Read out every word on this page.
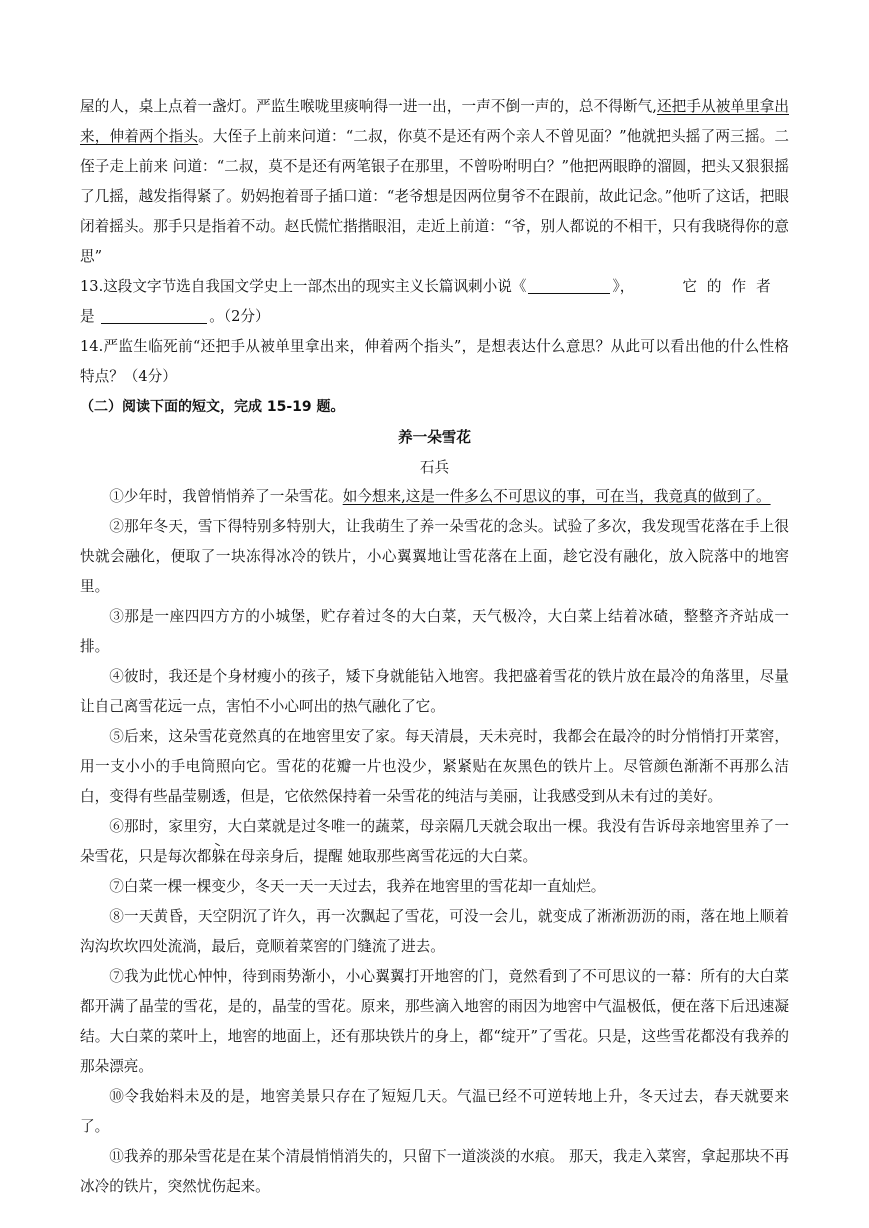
屋的人，桌上点着一盏灯。严监生喉咙里痰响得一进一出，一声不倒一声的，总不得断气,还把手从被单里拿出来，伸着两个指头。大侄子上前来问道：“二叔，你莫不是还有两个亲人不曾见面？”他就把头摇了两三摇。二侄子走上前来 问道：“二叔，莫不是还有两笔银子在那里，不曾吩咐明白？”他把两眼睁的溜圆，把头又狠狠摇了几摇，越发指得紧了。奶妈抱着哥子插口道：“老爷想是因两位舅爷不在跟前，故此记念。”他听了这话，把眼闭着摇头。那手只是指着不动。赵氏慌忙揩揩眼泪，走近上前道：“爷，别人都说的不相干，只有我晓得你的意思”

13.这段文字节选自我国文学史上一部杰出的现实主义长篇讽刺小说《	》，	它的作者
是	。（2分）

14.严监生临死前“还把手从被单里拿出来，伸着两个指头”，是想表达什么意思？从此可以看出他的什么性格特点？（4分）

（二）阅读下面的短文，完成 15-19 题。

养一朵雪花

石兵

①少年时，我曾悄悄养了一朵雪花。如今想来,这是一件多么不可思议的事，可在当，我竟真的做到了。

②那年冬天，雪下得特别多特别大，让我萌生了养一朵雪花的念头。试验了多次，我发现雪花落在手上很快就会融化，便取了一块冻得冰冷的铁片，小心翼翼地让雪花落在上面，趁它没有融化，放入院落中的地窖里。

③那是一座四四方方的小城堡，贮存着过冬的大白菜，天气极冷，大白菜上结着冰碴，整整齐齐站成一排。

④彼时，我还是个身材瘦小的孩子，矮下身就能钻入地窖。我把盛着雪花的铁片放在最冷的角落里，尽量让自己离雪花远一点，害怕不小心呵出的热气融化了它。

⑤后来，这朵雪花竟然真的在地窖里安了家。每天清晨，天未亮时，我都会在最冷的时分悄悄打开菜窖，用一支小小的手电筒照向它。雪花的花瓣一片也没少，紧紧贴在灰黑色的铁片上。尽管颜色渐渐不再那么洁白，变得有些晶莹剔透，但是，它依然保持着一朵雪花的纯洁与美丽，让我感受到从未有过的美好。

⑥那时，家里穷，大白菜就是过冬唯一的蔬菜，母亲隔几天就会取出一棵。我没有告诉母亲地窖里养了一朵雪花，只是每次都躲在母亲身后，提醒 她取那些离雪花远的大白菜。

⑦白菜一棵一棵变少，冬天一天一天过去，我养在地窖里的雪花却一直灿烂。

⑧一天黄昏，天空阴沉了许久，再一次飘起了雪花，可没一会儿，就变成了淅淅沥沥的雨，落在地上顺着沟沟坎坎四处流淌，最后，竟顺着菜窖的门缝流了进去。

⑦我为此忧心忡忡，待到雨势渐小，小心翼翼打开地窖的门，竟然看到了不可思议的一幕：所有的大白菜都开满了晶莹的雪花，是的，晶莹的雪花。原来，那些滴入地窖的雨因为地窖中气温极低，便在落下后迅速凝结。大白菜的菜叶上，地窖的地面上，还有那块铁片的身上，都“绽开”了雪花。只是，这些雪花都没有我养的那朵漂亮。

⑩令我始料未及的是，地窖美景只存在了短短几天。气温已经不可逆转地上升，冬天过去，春天就要来了。

⑪我养的那朵雪花是在某个清晨悄悄消失的，只留下一道淡淡的水痕。 那天，我走入菜窖，拿起那块不再冰冷的铁片，突然忧伤起来。
